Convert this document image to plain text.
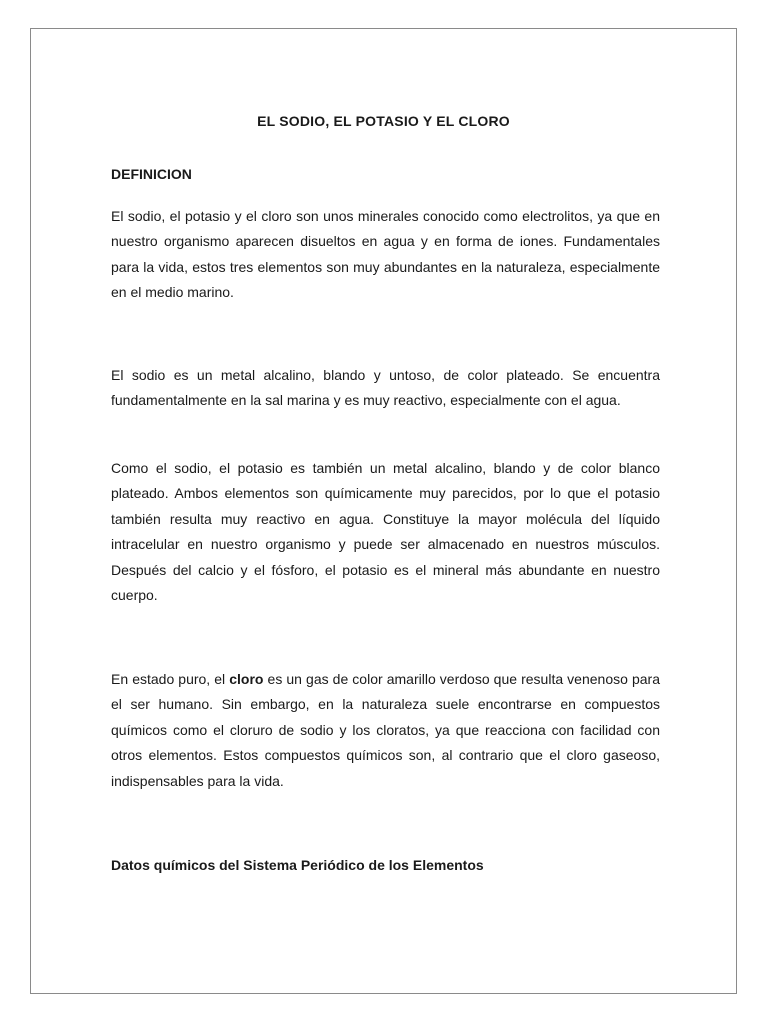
EL SODIO, EL POTASIO Y EL CLORO
DEFINICION

El sodio, el potasio y el cloro son unos minerales conocido como electrolitos, ya que en nuestro organismo aparecen disueltos en agua y en forma de iones. Fundamentales para la vida, estos tres elementos son muy abundantes en la naturaleza, especialmente en el medio marino.

El sodio es un metal alcalino, blando y untoso, de color plateado. Se encuentra fundamentalmente en la sal marina y es muy reactivo, especialmente con el agua.

Como el sodio, el potasio es también un metal alcalino, blando y de color blanco plateado. Ambos elementos son químicamente muy parecidos, por lo que el potasio también resulta muy reactivo en agua. Constituye la mayor molécula del líquido intracelular en nuestro organismo y puede ser almacenado en nuestros músculos. Después del calcio y el fósforo, el potasio es el mineral más abundante en nuestro cuerpo.

En estado puro, el cloro es un gas de color amarillo verdoso que resulta venenoso para el ser humano. Sin embargo, en la naturaleza suele encontrarse en compuestos químicos como el cloruro de sodio y los cloratos, ya que reacciona con facilidad con otros elementos. Estos compuestos químicos son, al contrario que el cloro gaseoso, indispensables para la vida.

Datos químicos del Sistema Periódico de los Elementos
